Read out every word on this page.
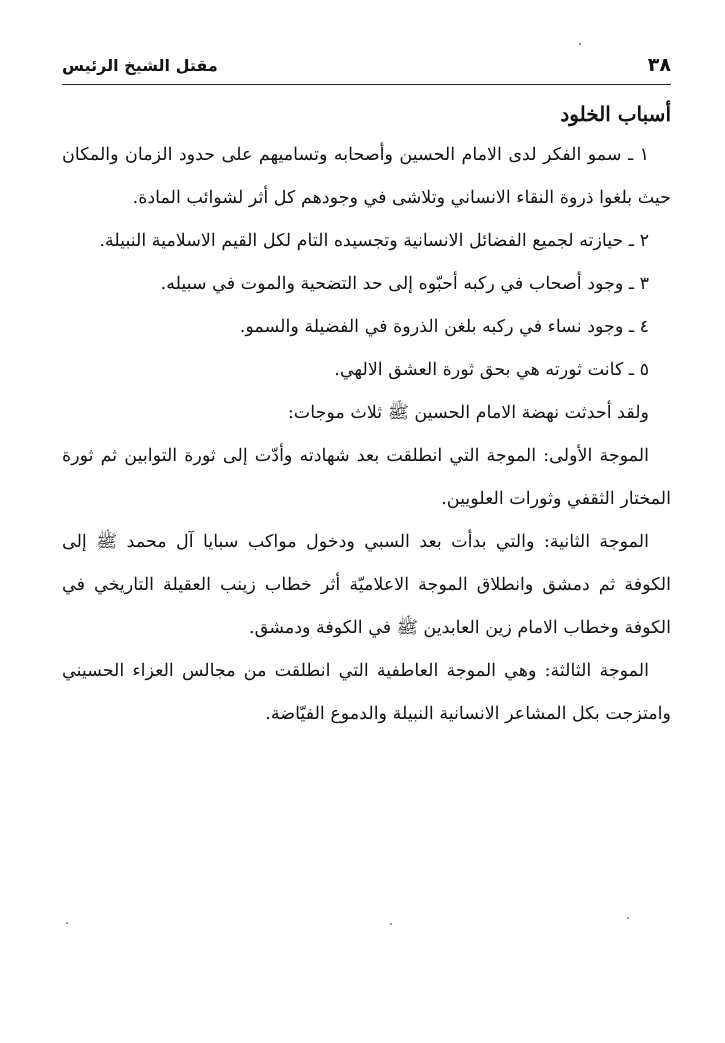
٣٨
مقتل الشيخ الرئيس
أسباب الخلود

١ ـ سمو الفكر لدى الامام الحسين وأصحابه وتساميهم على حدود الزمان والمكان حيث بلغوا ذروة النقاء الانساني وتلاشى في وجودهم كل أثر لشوائب المادة.

٢ ـ حيازته لجميع الفضائل الانسانية وتجسيده التام لكل القيم الاسلامية النبيلة.

٣ ـ وجود أصحاب في ركبه أحبّوه إلى حد التضحية والموت في سبيله.

٤ ـ وجود نساء في ركبه بلغن الذروة في الفضيلة والسمو.

٥ ـ كانت ثورته هي بحق ثورة العشق الالهي.

ولقد أحدثت نهضة الامام الحسين ﷺ ثلاث موجات:

الموجة الأولى: الموجة التي انطلقت بعد شهادته وأدّت إلى ثورة التوابين ثم ثورة المختار الثقفي وثورات العلويين.

الموجة الثانية: والتي بدأت بعد السبي ودخول مواكب سبايا آل محمد ﷺ إلى الكوفة ثم دمشق وانطلاق الموجة الاعلاميّة أثر خطاب زينب العقيلة التاريخي في الكوفة وخطاب الامام زين العابدين ﷺ في الكوفة ودمشق.

الموجة الثالثة: وهي الموجة العاطفية التي انطلقت من مجالس العزاء الحسيني وامتزجت بكل المشاعر الانسانية النبيلة والدموع الفيّاضة.
